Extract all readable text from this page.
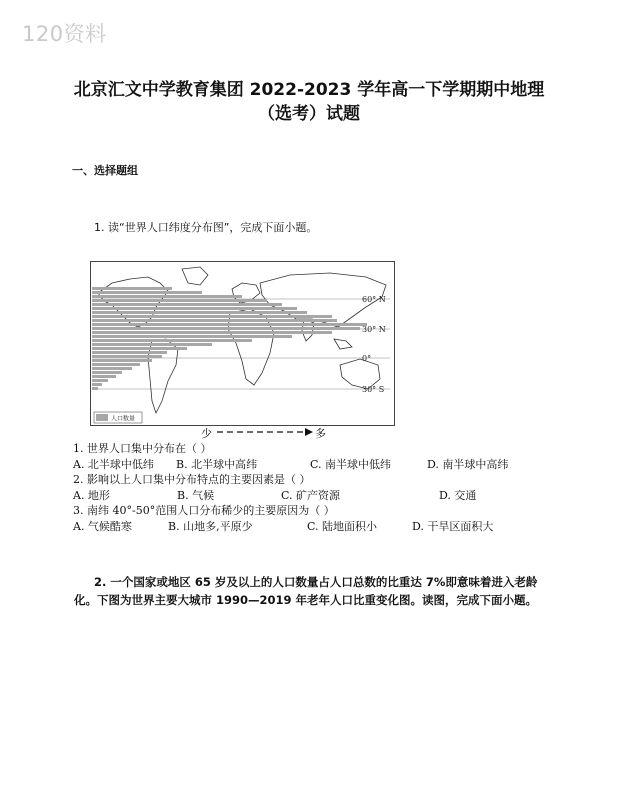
120资料
北京汇文中学教育集团 2022-2023 学年高一下学期期中地理
（选考）试题
一、选择题组
1. 读“世界人口纬度分布图”，完成下面小题。
60° N
30° N
0°
30° S
人口数量
少	多
1. 世界人口集中分布在（ ）
A. 北半球中低纬 B. 北半球中高纬	C. 南半球中低纬	D. 南半球中高纬
2. 影响以上人口集中分布特点的主要因素是（ ）
A. 地形	B. 气候	C. 矿产资源	D. 交通
3. 南纬 40°-50°范围人口分布稀少的主要原因为（ ）
A. 气候酷寒	B. 山地多,平原少	C. 陆地面积小	D. 干旱区面积大
2. 一个国家或地区 65 岁及以上的人口数量占人口总数的比重达 7%即意味着进入老龄化。下图为世界主要大城市 1990—2019 年老年人口比重变化图。读图，完成下面小题。
